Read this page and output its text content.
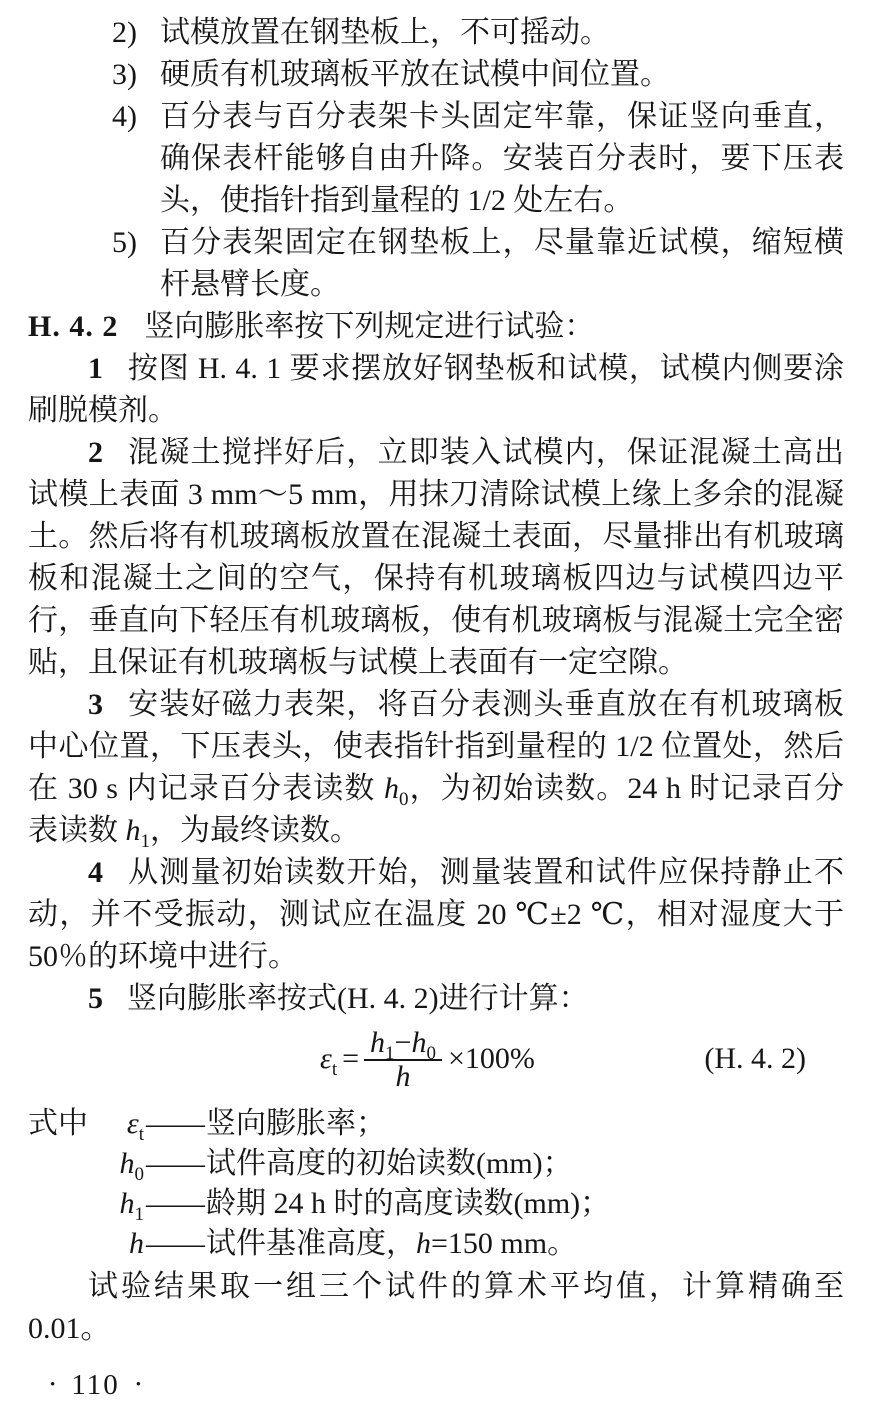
2) 试模放置在钢垫板上，不可摇动。
3) 硬质有机玻璃板平放在试模中间位置。
4) 百分表与百分表架卡头固定牢靠，保证竖向垂直，确保表杆能够自由升降。安装百分表时，要下压表头，使指针指到量程的 1/2 处左右。
5) 百分表架固定在钢垫板上，尽量靠近试模，缩短横杆悬臂长度。
H. 4. 2 竖向膨胀率按下列规定进行试验：

1 按图 H. 4. 1 要求摆放好钢垫板和试模，试模内侧要涂刷脱模剂。

2 混凝土搅拌好后，立即装入试模内，保证混凝土高出试模上表面 3 mm～5 mm，用抹刀清除试模上缘上多余的混凝土。然后将有机玻璃板放置在混凝土表面，尽量排出有机玻璃板和混凝土之间的空气，保持有机玻璃板四边与试模四边平行，垂直向下轻压有机玻璃板，使有机玻璃板与混凝土完全密贴，且保证有机玻璃板与试模上表面有一定空隙。

3 安装好磁力表架，将百分表测头垂直放在有机玻璃板中心位置，下压表头，使表指针指到量程的 1/2 位置处，然后在 30 s 内记录百分表读数 $h_0$，为初始读数。24 h 时记录百分表读数 $h_1$，为最终读数。

4 从测量初始读数开始，测量装置和试件应保持静止不动，并不受振动，测试应在温度 20 ℃±2 ℃，相对湿度大于 50％的环境中进行。

5 竖向膨胀率按式(H. 4. 2)进行计算：

$\varepsilon_t = \frac{h_1-h_0}{h} \times 100\%$	(H. 4. 2)
式中	$\varepsilon_t$ —— 竖向膨胀率；
$h_0$ —— 试件高度的初始读数(mm)；
$h_1$ —— 龄期 24 h 时的高度读数(mm)；
h —— 试件基准高度，h=150 mm。

试验结果取一组三个试件的算术平均值，计算精确至 0.01。

• 110 •
